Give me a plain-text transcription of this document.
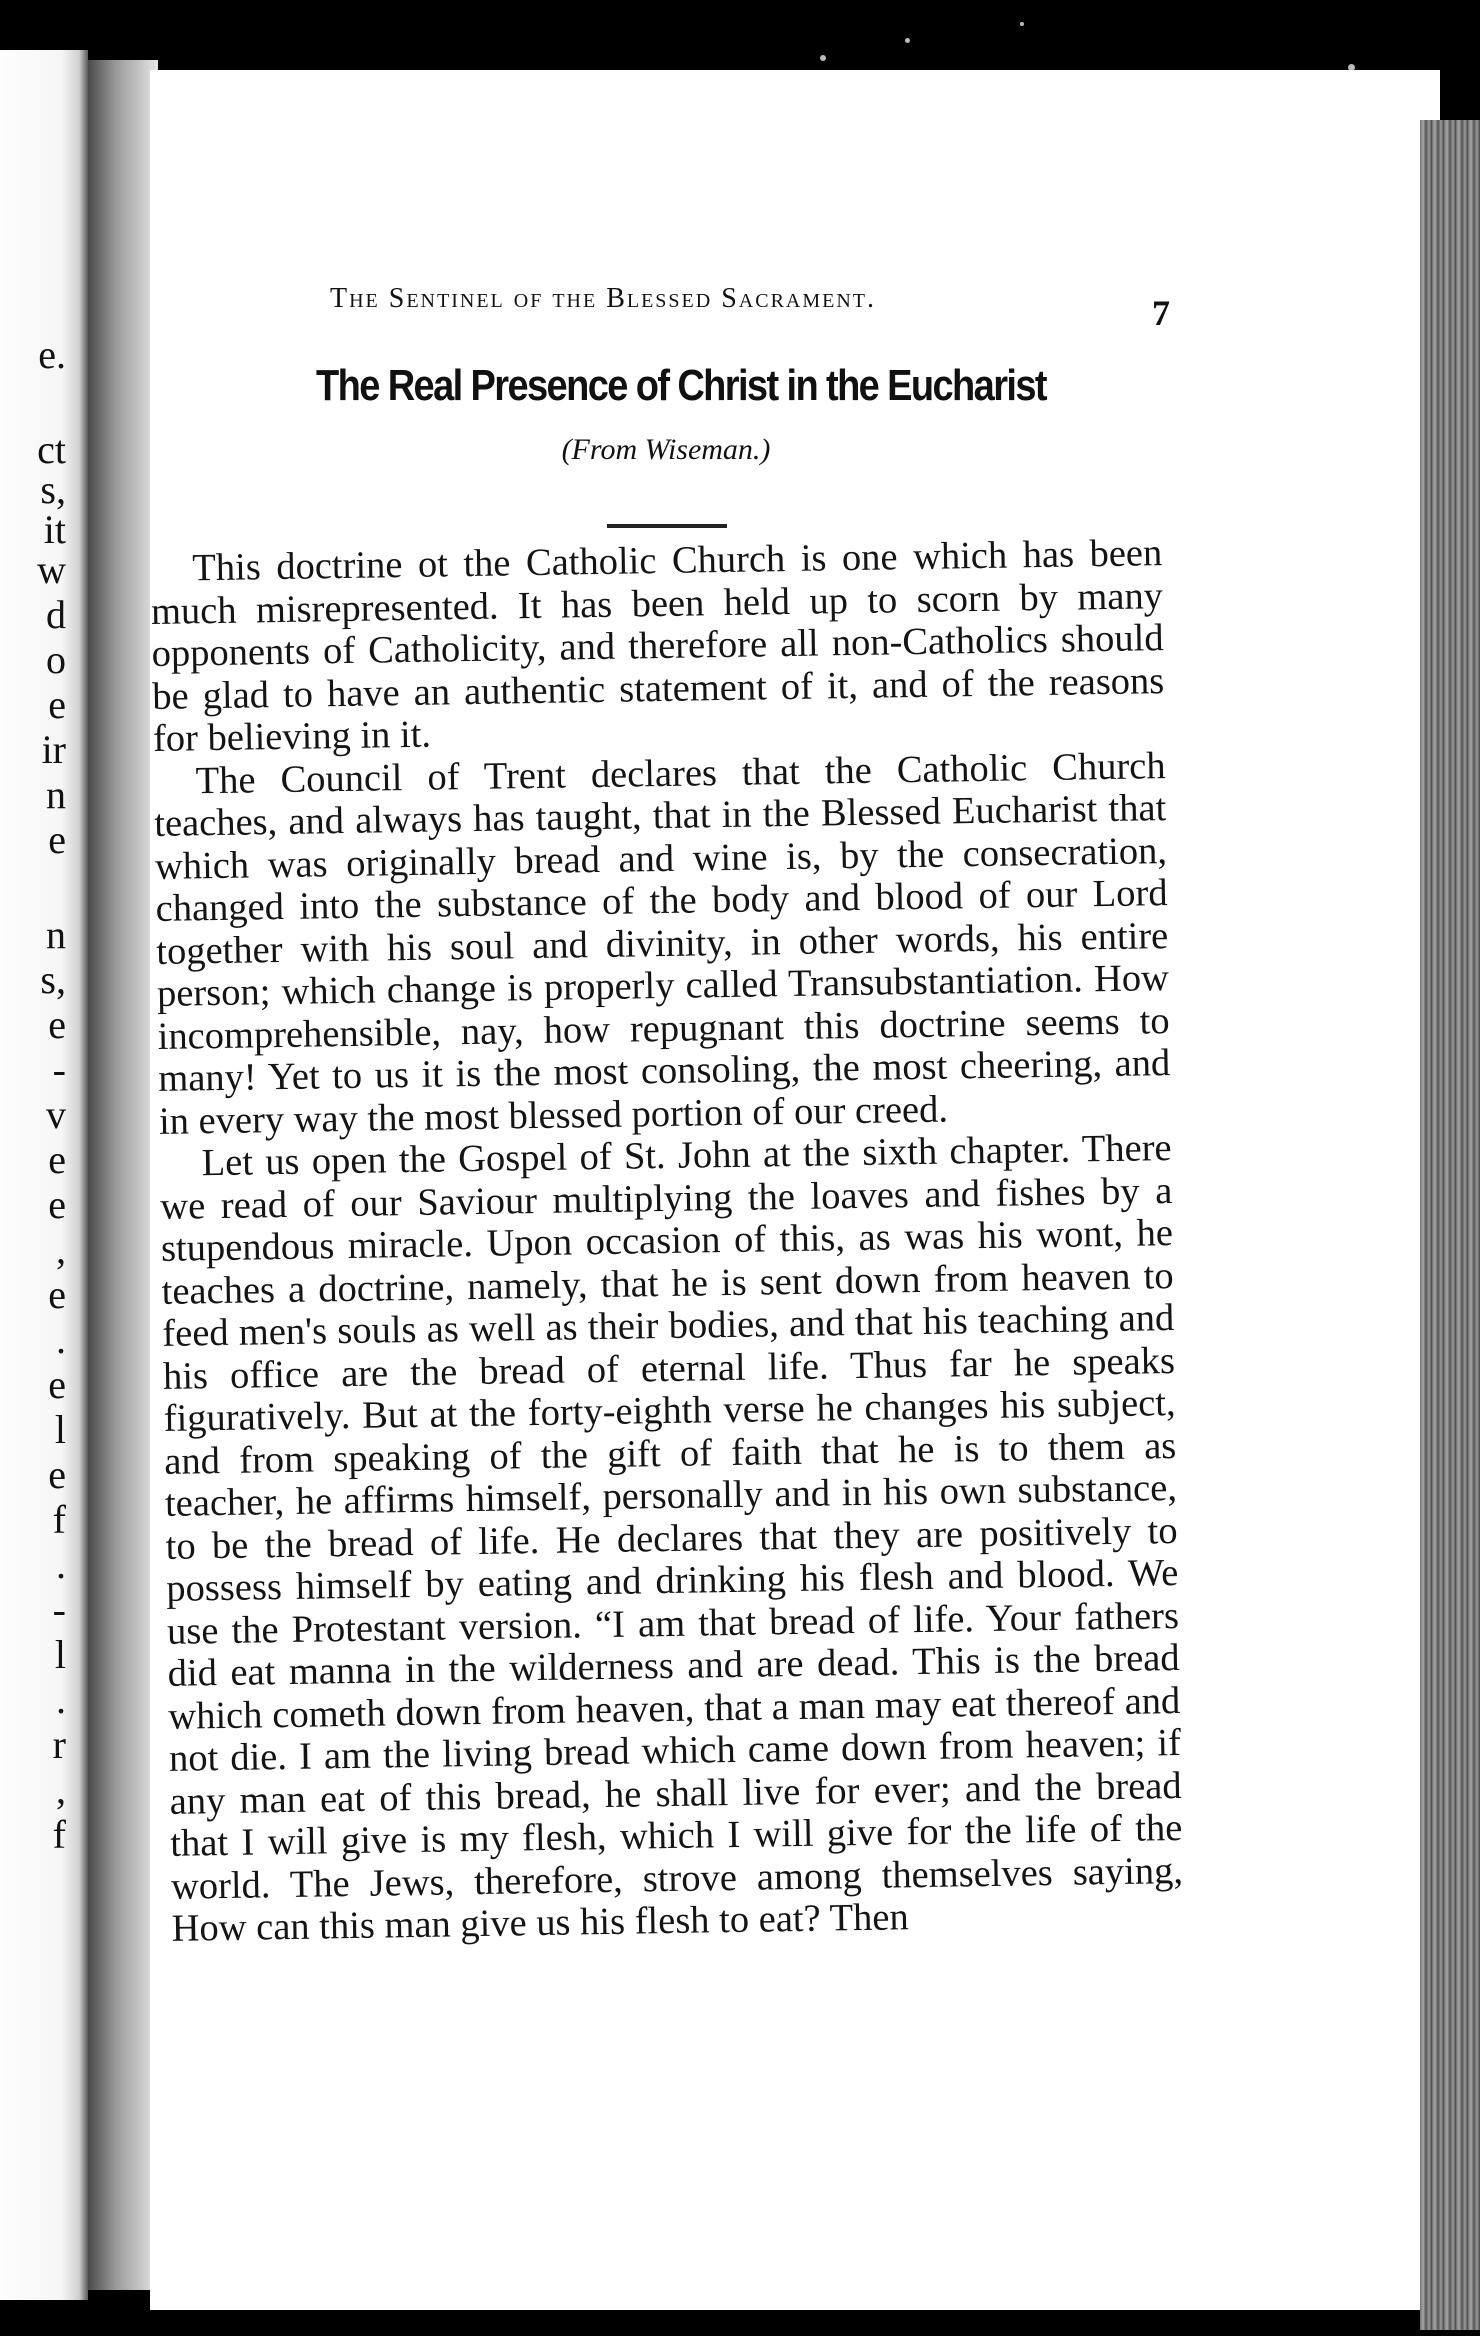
e.
ct
s,
it
w
d
o
e
ir
n
e
n
s,
e
-
v
e
e
,
e
.
e
l
e
f
.
-
l
.
r
,
f
The Sentinel of the Blessed Sacrament.	7
The Real Presence of Christ in the Eucharist
(From Wiseman.)

This doctrine ot the Catholic Church is one which has been much misrepresented. It has been held up to scorn by many opponents of Catholicity, and therefore all non-Catholics should be glad to have an authentic statement of it, and of the reasons for believing in it.

The Council of Trent declares that the Catholic Church teaches, and always has taught, that in the Blessed Eucharist that which was originally bread and wine is, by the consecration, changed into the substance of the body and blood of our Lord together with his soul and divinity, in other words, his entire person; which change is properly called Transubstantiation. How incomprehensible, nay, how repugnant this doctrine seems to many! Yet to us it is the most consoling, the most cheering, and in every way the most blessed portion of our creed.

Let us open the Gospel of St. John at the sixth chapter. There we read of our Saviour multiplying the loaves and fishes by a stupendous miracle. Upon occasion of this, as was his wont, he teaches a doctrine, namely, that he is sent down from heaven to feed men's souls as well as their bodies, and that his teaching and his office are the bread of eternal life. Thus far he speaks figuratively. But at the forty-eighth verse he changes his subject, and from speaking of the gift of faith that he is to them as teacher, he affirms himself, personally and in his own substance, to be the bread of life. He declares that they are positively to possess himself by eating and drinking his flesh and blood. We use the Protestant version. “I am that bread of life. Your fathers did eat manna in the wilderness and are dead. This is the bread which cometh down from heaven, that a man may eat thereof and not die. I am the living bread which came down from heaven; if any man eat of this bread, he shall live for ever; and the bread that I will give is my flesh, which I will give for the life of the world. The Jews, therefore, strove among themselves saying, How can this man give us his flesh to eat? Then
